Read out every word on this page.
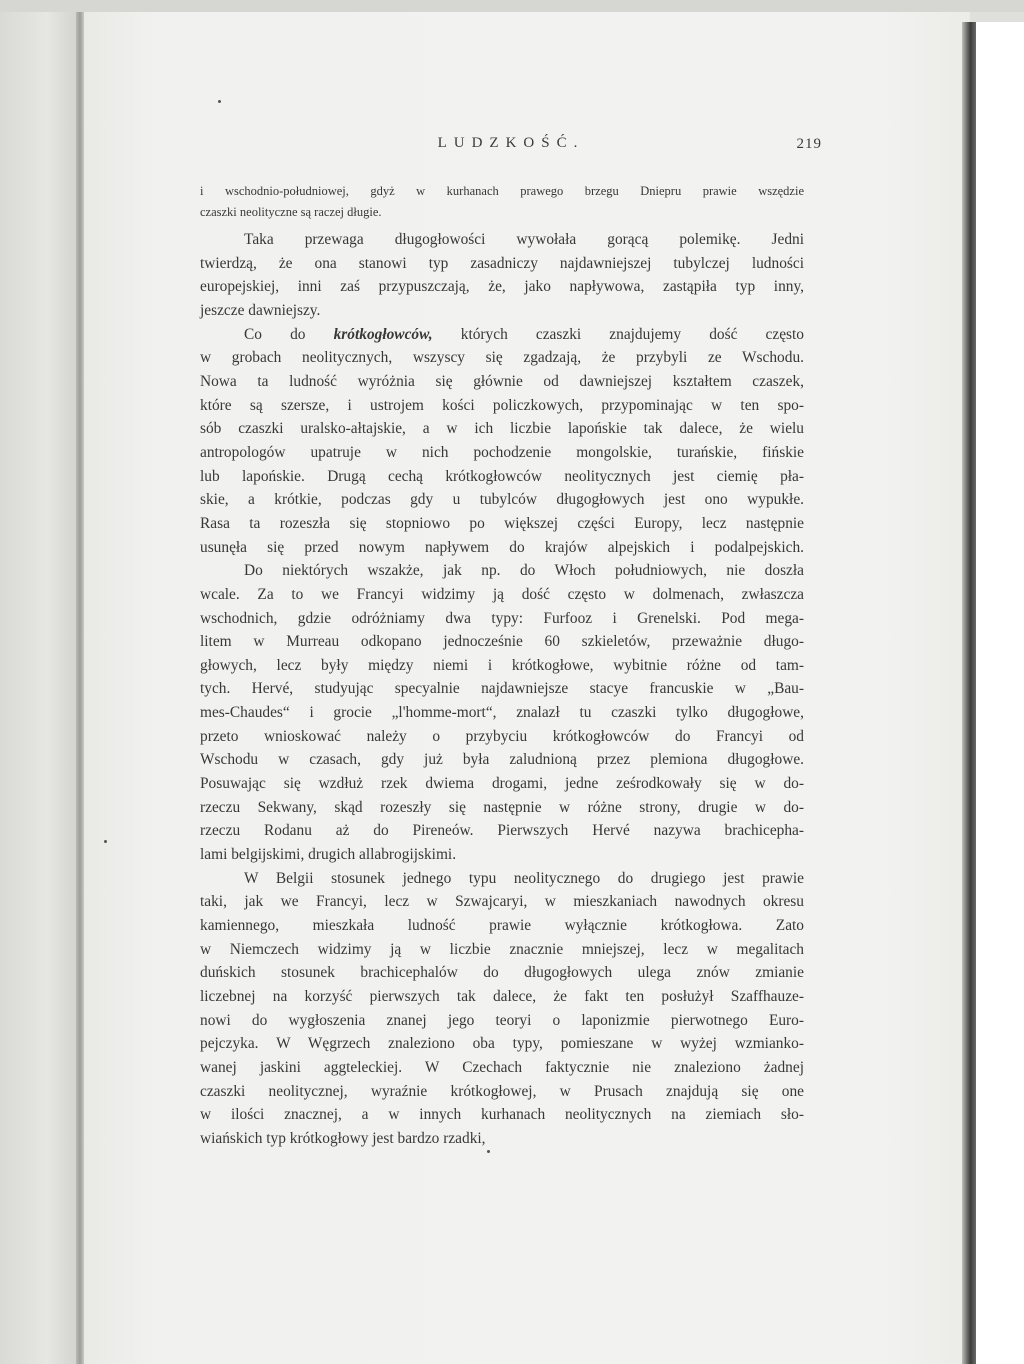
LUDZKOŚĆ.	219
i wschodnio-południowej, gdyż w kurhanach prawego brzegu Dniepru prawie wszędzie
czaszki neolityczne są raczej długie.
Taka przewaga długogłowości wywołała gorącą polemikę. Jedni
twierdzą, że ona stanowi typ zasadniczy najdawniejszej tubylczej ludności
europejskiej, inni zaś przypuszczają, że, jako napływowa, zastąpiła typ inny,
jeszcze dawniejszy.
Co do krótkogłowców, których czaszki znajdujemy dość często
w grobach neolitycznych, wszyscy się zgadzają, że przybyli ze Wschodu.
Nowa ta ludność wyróżnia się głównie od dawniejszej kształtem czaszek,
które są szersze, i ustrojem kości policzkowych, przypominając w ten spo-
sób czaszki uralsko-ałtajskie, a w ich liczbie lapońskie tak dalece, że wielu
antropologów upatruje w nich pochodzenie mongolskie, turańskie, fińskie
lub lapońskie. Drugą cechą krótkogłowców neolitycznych jest ciemię pła-
skie, a krótkie, podczas gdy u tubylców długogłowych jest ono wypukłe.
Rasa ta rozeszła się stopniowo po większej części Europy, lecz następnie
usunęła się przed nowym napływem do krajów alpejskich i podalpejskich.
Do niektórych wszakże, jak np. do Włoch południowych, nie doszła
wcale. Za to we Francyi widzimy ją dość często w dolmenach, zwłaszcza
wschodnich, gdzie odróżniamy dwa typy: Furfooz i Grenelski. Pod mega-
litem w Murreau odkopano jednocześnie 60 szkieletów, przeważnie długo-
głowych, lecz były między niemi i krótkogłowe, wybitnie różne od tam-
tych. Hervé, studyując specyalnie najdawniejsze stacye francuskie w „Bau-
mes-Chaudes“ i grocie „l'homme-mort“, znalazł tu czaszki tylko długogłowe,
przeto wnioskować należy o przybyciu krótkogłowców do Francyi od
Wschodu w czasach, gdy już była zaludnioną przez plemiona długogłowe.
Posuwając się wzdłuż rzek dwiema drogami, jedne ześrodkowały się w do-
rzeczu Sekwany, skąd rozeszły się następnie w różne strony, drugie w do-
rzeczu Rodanu aż do Pireneów. Pierwszych Hervé nazywa brachicepha-
lami belgijskimi, drugich allabrogijskimi.
W Belgii stosunek jednego typu neolitycznego do drugiego jest prawie
taki, jak we Francyi, lecz w Szwajcaryi, w mieszkaniach nawodnych okresu
kamiennego, mieszkała ludność prawie wyłącznie krótkogłowa. Zato
w Niemczech widzimy ją w liczbie znacznie mniejszej, lecz w megalitach
duńskich stosunek brachicephalów do długogłowych ulega znów zmianie
liczebnej na korzyść pierwszych tak dalece, że fakt ten posłużył Szaffhauze-
nowi do wygłoszenia znanej jego teoryi o laponizmie pierwotnego Euro-
pejczyka. W Węgrzech znaleziono oba typy, pomieszane w wyżej wzmianko-
wanej jaskini aggteleckiej. W Czechach faktycznie nie znaleziono żadnej
czaszki neolitycznej, wyraźnie krótkogłowej, w Prusach znajdują się one
w ilości znacznej, a w innych kurhanach neolitycznych na ziemiach sło-
wiańskich typ krótkogłowy jest bardzo rzadki,
